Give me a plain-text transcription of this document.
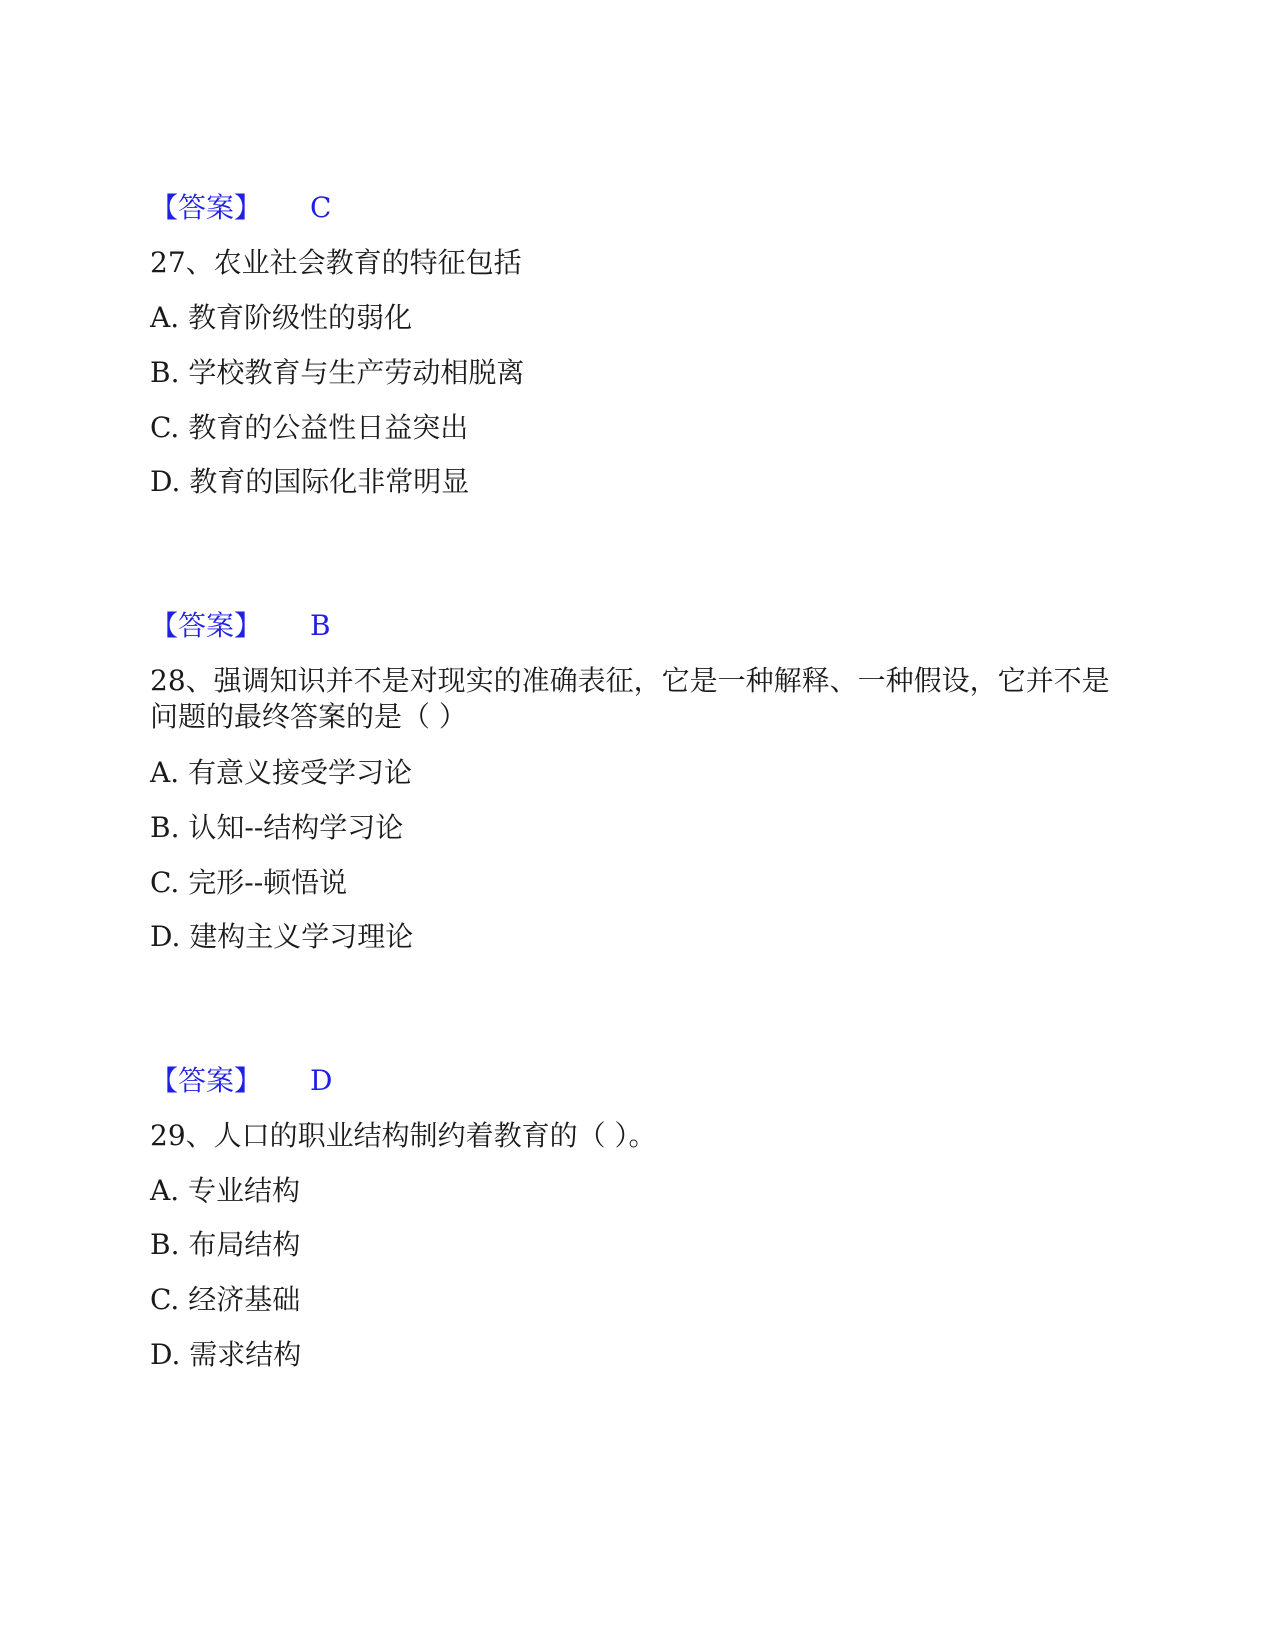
【答案】 C
27、农业社会教育的特征包括
A. 教育阶级性的弱化
B. 学校教育与生产劳动相脱离
C. 教育的公益性日益突出
D. 教育的国际化非常明显
【答案】 B
28、强调知识并不是对现实的准确表征，它是一种解释、一种假设，它并不是问题的最终答案的是（ ）
A. 有意义接受学习论
B. 认知--结构学习论
C. 完形--顿悟说
D. 建构主义学习理论
【答案】 D
29、人口的职业结构制约着教育的（ ）。
A. 专业结构
B. 布局结构
C. 经济基础
D. 需求结构
